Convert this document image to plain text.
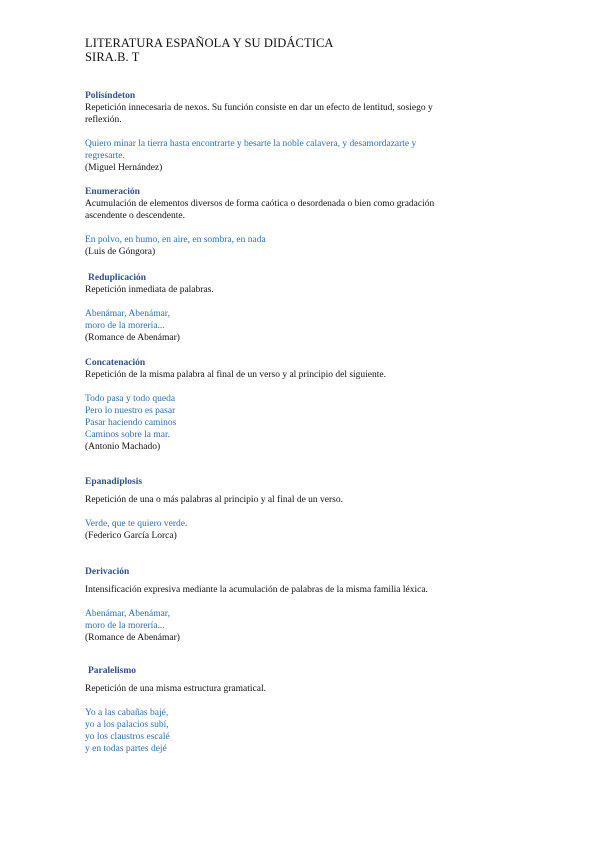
LITERATURA ESPAÑOLA Y SU DIDÁCTICA
SIRA.B. T
Polisíndeton
Repetición innecesaria de nexos. Su función consiste en dar un efecto de lentitud, sosiego y
reflexión.
Quiero minar la tierra hasta encontrarte y besarte la noble calavera, y desamordazarte y
regresarte.
(Miguel Hernández)
Enumeración
Acumulación de elementos diversos de forma caótica o desordenada o bien como gradación
ascendente o descendente.
En polvo, en humo, en aire, en sombra, en nada
(Luis de Góngora)
Reduplicación
Repetición inmediata de palabras.
Abenámar, Abenámar,
moro de la morería...
(Romance de Abenámar)
Concatenación
Repetición de la misma palabra al final de un verso y al principio del siguiente.
Todo pasa y todo queda
Pero lo nuestro es pasar
Pasar haciendo caminos
Caminos sobre la mar.
(Antonio Machado)
Epanadiplosis
Repetición de una o más palabras al principio y al final de un verso.
Verde, que te quiero verde.
(Federico García Lorca)
Derivación
Intensificación expresiva mediante la acumulación de palabras de la misma familia léxica.
Abenámar, Abenámar,
moro de la morería...
(Romance de Abenámar)
Paralelismo
Repetición de una misma estructura gramatical.
Yo a las cabañas bajé,
yo a los palacios subí,
yo los claustros escalé
y en todas partes dejé
